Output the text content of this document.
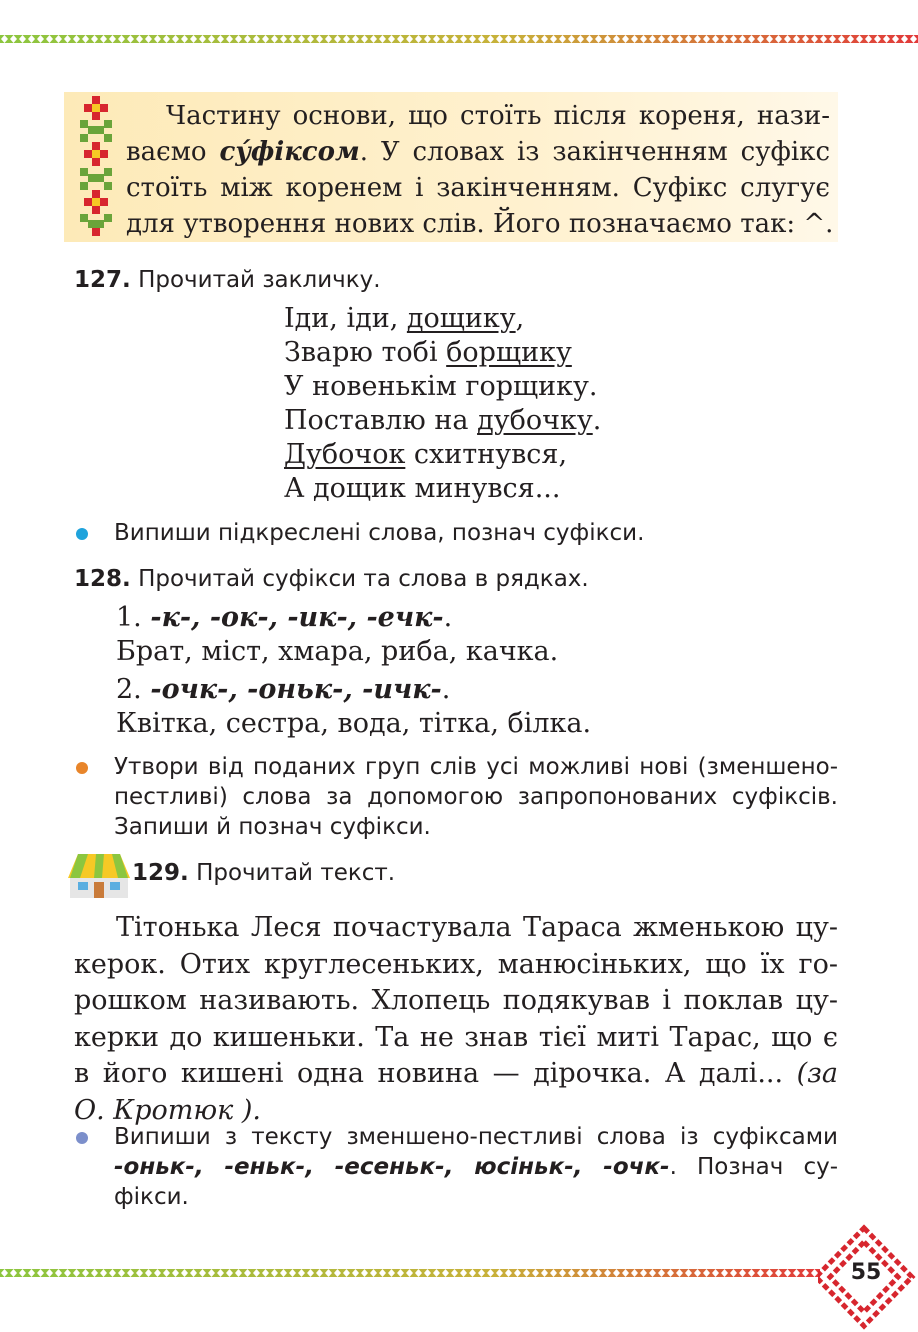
Частину основи, що стоїть після кореня, нази-
ваємо су́фіксом. У словах із закінченням суфікс
стоїть між коренем і закінченням. Суфікс слугує
для утворення нових слів. Його позначаємо так: ^.
127. Прочитай закличку.
Іди, іди, дощику,
Зварю тобі борщику
У новенькім горщику.
Поставлю на дубочку.
Дубочок схитнувся,
А дощик минувся...
Випиши підкреслені слова, познач суфікси.
128. Прочитай суфікси та слова в рядках.
1. -к-, -ок-, -ик-, -ечк-.
Брат, міст, хмара, риба, качка.
2. -очк-, -оньк-, -ичк-.
Квітка, сестра, вода, тітка, білка.
Утвори від поданих груп слів усі можливі нові (зменшено-
пестливі) слова за допомогою запропонованих суфіксів.
Запиши й познач суфікси.
129. Прочитай текст.
Тітонька Леся почастувала Тараса жменькою цу-
керок. Отих круглесеньких, манюсіньких, що їх го-
рошком називають. Хлопець подякував і поклав цу-
керки до кишеньки. Та не знав тієї миті Тарас, що є
в його кишені одна новина — дірочка. А далі... (за
О. Кротюк ).
Випиши з тексту зменшено-пестливі слова із суфіксами
-оньк-, -еньк-, -есеньк-, юсіньк-, -очк-. Познач су-
фікси.
55
